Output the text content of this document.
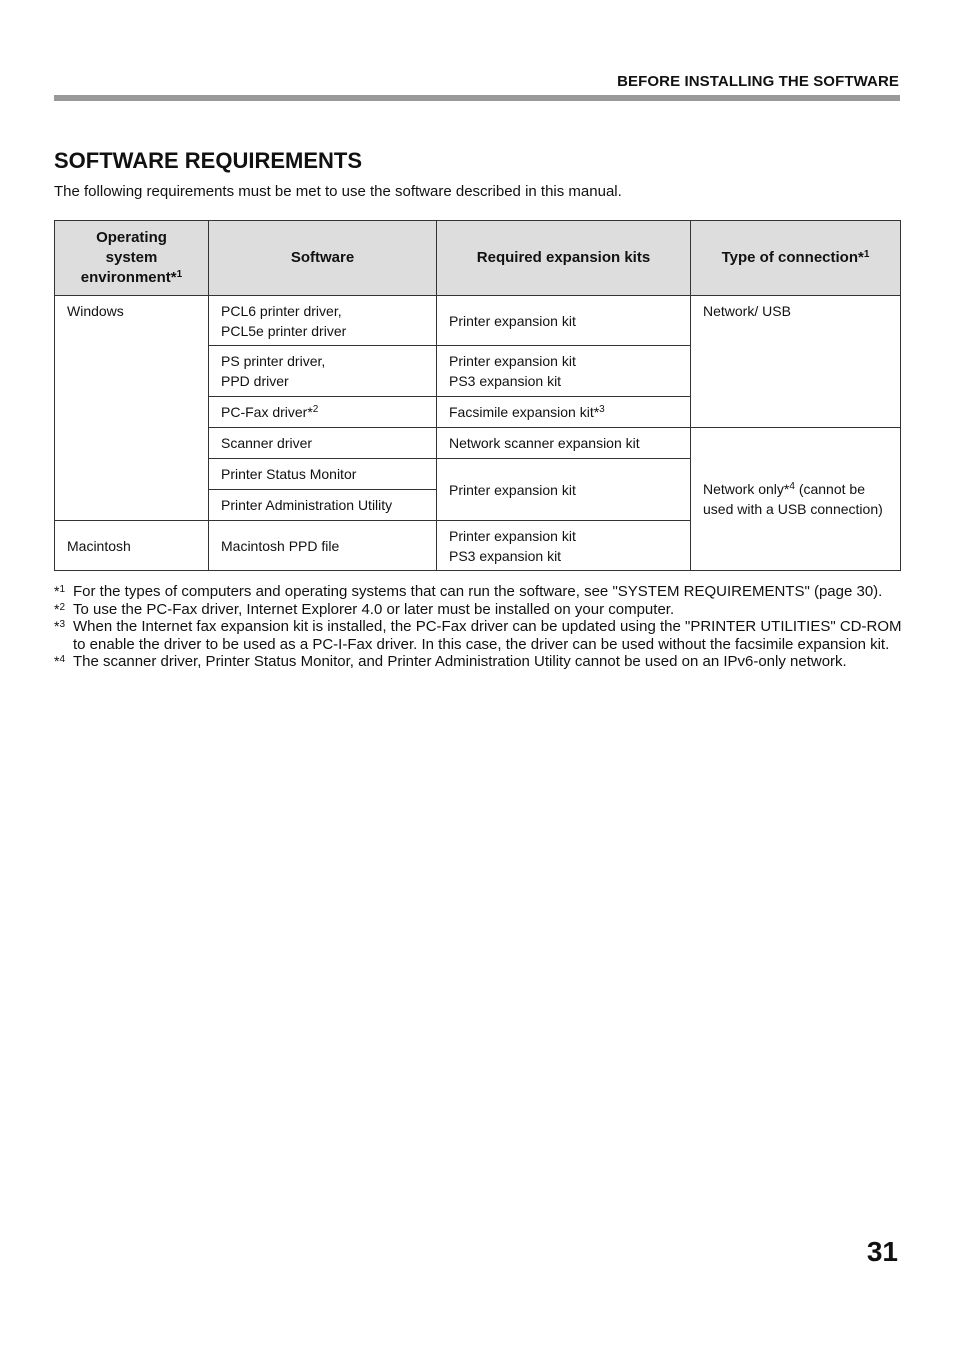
BEFORE INSTALLING THE SOFTWARE
SOFTWARE REQUIREMENTS
The following requirements must be met to use the software described in this manual.
Operating system environment*$^1$	Software	Required expansion kits	Type of connection*$^1$
Windows	PCL6 printer driver,
PCL5e printer driver	Printer expansion kit	Network/ USB
	PS printer driver,
PPD driver	Printer expansion kit
PS3 expansion kit	
	PC-Fax driver*$^2$	Facsimile expansion kit*$^3$
	Scanner driver	Network scanner expansion kit	Network only*$^4$ (cannot be used with a USB connection)
	Printer Status Monitor	Printer expansion kit	
	Printer Administration Utility		
Macintosh	Macintosh PPD file	Printer expansion kit
PS3 expansion kit	
*$^1$ For the types of computers and operating systems that can run the software, see "SYSTEM REQUIREMENTS" (page 30).
*$^2$ To use the PC-Fax driver, Internet Explorer 4.0 or later must be installed on your computer.
*$^3$ When the Internet fax expansion kit is installed, the PC-Fax driver can be updated using the "PRINTER UTILITIES" CD-ROM to enable the driver to be used as a PC-I-Fax driver. In this case, the driver can be used without the facsimile expansion kit.
*$^4$ The scanner driver, Printer Status Monitor, and Printer Administration Utility cannot be used on an IPv6-only network.
31
